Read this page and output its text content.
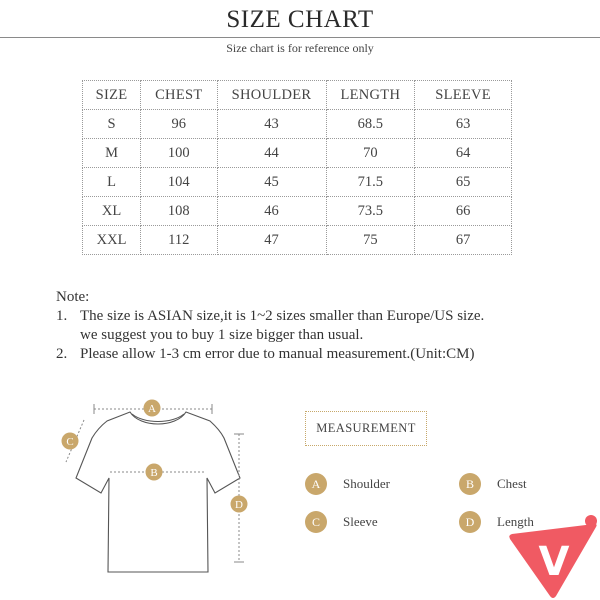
SIZE CHART
Size chart is for reference only
SIZE	CHEST	SHOULDER	LENGTH	SLEEVE
S	96	43	68.5	63
M	100	44	70	64
L	104	45	71.5	65
XL	108	46	73.5	66
XXL	112	47	75	67
Note:
1. The size is ASIAN size,it is 1~2 sizes smaller than Europe/US size.
we suggest you to buy 1 size bigger than usual.
2. Please allow 1-3 cm error due to manual measurement.(Unit:CM)
A
B
C
D
MEASUREMENT
A	Shoulder	B	Chest
C	Sleeve	D	Length
V
